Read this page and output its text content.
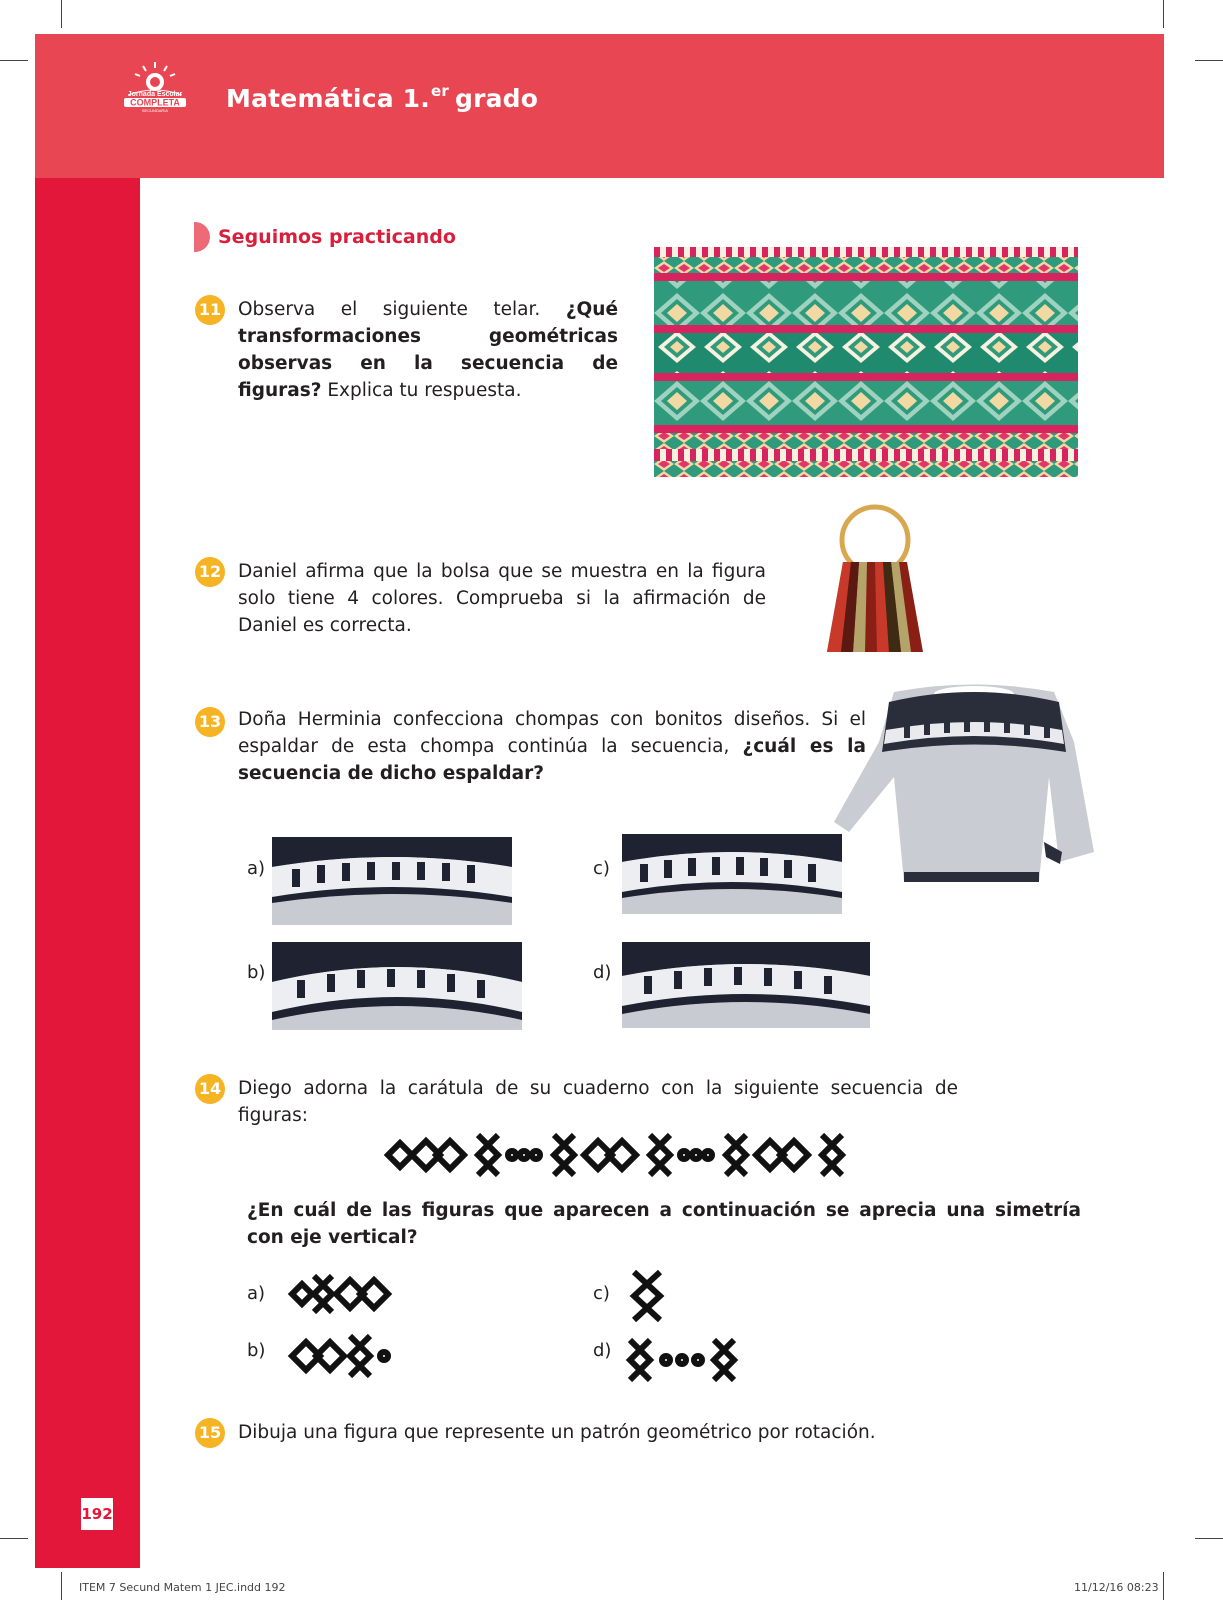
Jornada Escolar
COMPLETA
SECUNDARIA Matemática 1.$^{er}$ grado
192
Seguimos practicando
11 Observa el siguiente telar. ¿Qué transformaciones geométricas observas en la secuencia de figuras? Explica tu respuesta.
12 Daniel afirma que la bolsa que se muestra en la figura solo tiene 4 colores. Comprueba si la afirmación de Daniel es correcta.
13 Doña Herminia confecciona chompas con bonitos diseños. Si el espaldar de esta chompa continúa la secuencia, ¿cuál es la secuencia de dicho espaldar?
a)
b)
c)
d)
14 Diego adorna la carátula de su cuaderno con la siguiente secuencia de figuras:
¿En cuál de las figuras que aparecen a continuación se aprecia una simetría con eje vertical?
a)
b)
c)
d)
15 Dibuja una figura que represente un patrón geométrico por rotación.
ITEM 7 Secund Matem 1 JEC.indd 192	11/12/16 08:23
